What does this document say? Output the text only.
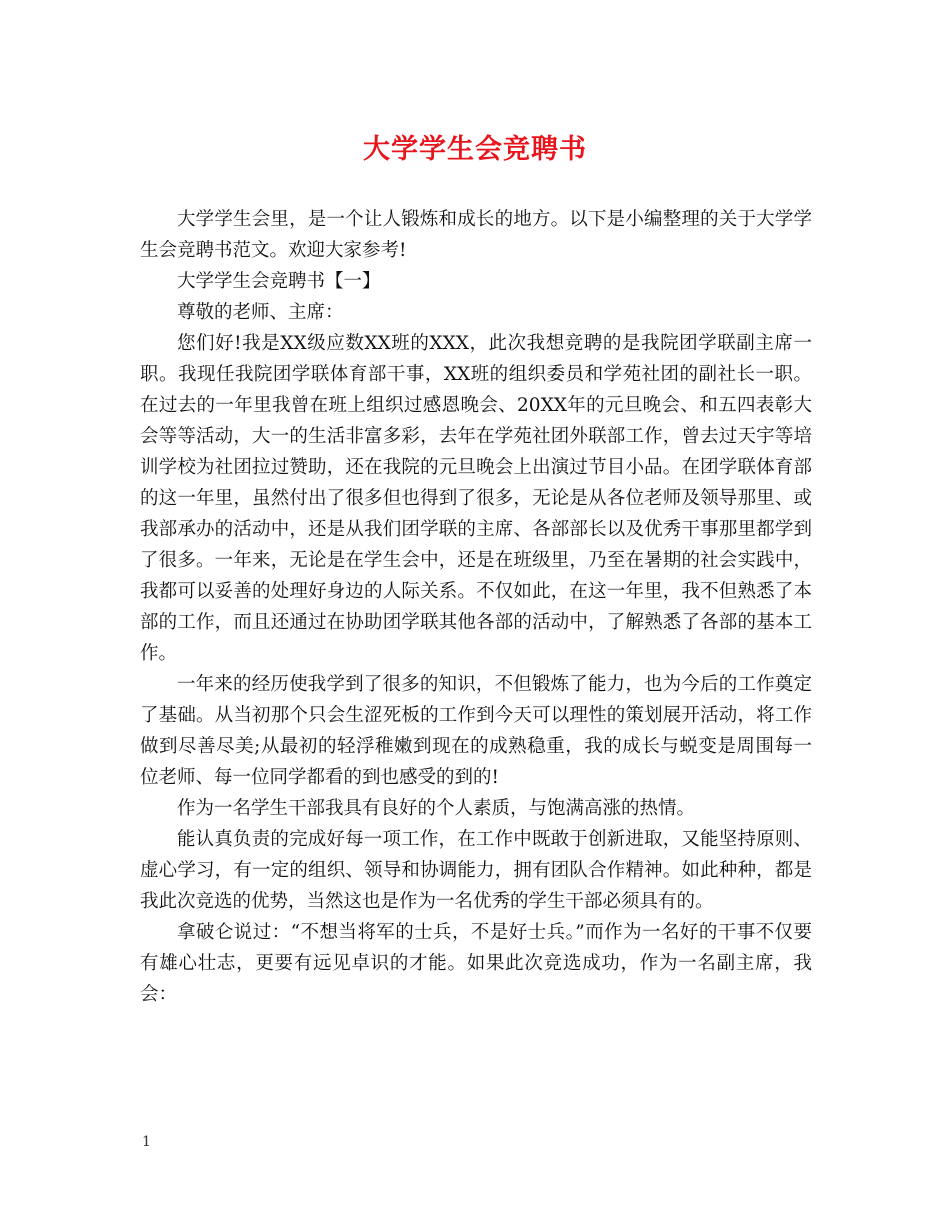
大学学生会竞聘书

大学学生会里，是一个让人锻炼和成长的地方。以下是小编整理的关于大学学生会竞聘书范文。欢迎大家参考!

大学学生会竞聘书【一】

尊敬的老师、主席：

您们好!我是XX级应数XX班的XXX，此次我想竞聘的是我院团学联副主席一职。我现任我院团学联体育部干事，XX班的组织委员和学苑社团的副社长一职。在过去的一年里我曾在班上组织过感恩晚会、20XX年的元旦晚会、和五四表彰大会等等活动，大一的生活非富多彩，去年在学苑社团外联部工作，曾去过天宇等培训学校为社团拉过赞助，还在我院的元旦晚会上出演过节目小品。在团学联体育部的这一年里，虽然付出了很多但也得到了很多，无论是从各位老师及领导那里、或我部承办的活动中，还是从我们团学联的主席、各部部长以及优秀干事那里都学到了很多。一年来，无论是在学生会中，还是在班级里，乃至在暑期的社会实践中，我都可以妥善的处理好身边的人际关系。不仅如此，在这一年里，我不但熟悉了本部的工作，而且还通过在协助团学联其他各部的活动中，了解熟悉了各部的基本工作。

一年来的经历使我学到了很多的知识，不但锻炼了能力，也为今后的工作奠定了基础。从当初那个只会生涩死板的工作到今天可以理性的策划展开活动，将工作做到尽善尽美;从最初的轻浮稚嫩到现在的成熟稳重，我的成长与蜕变是周围每一位老师、每一位同学都看的到也感受的到的!

作为一名学生干部我具有良好的个人素质，与饱满高涨的热情。

能认真负责的完成好每一项工作，在工作中既敢于创新进取，又能坚持原则、虚心学习，有一定的组织、领导和协调能力，拥有团队合作精神。如此种种，都是我此次竞选的优势，当然这也是作为一名优秀的学生干部必须具有的。

拿破仑说过：“不想当将军的士兵，不是好士兵。”而作为一名好的干事不仅要有雄心壮志，更要有远见卓识的才能。如果此次竞选成功，作为一名副主席，我会：

1
